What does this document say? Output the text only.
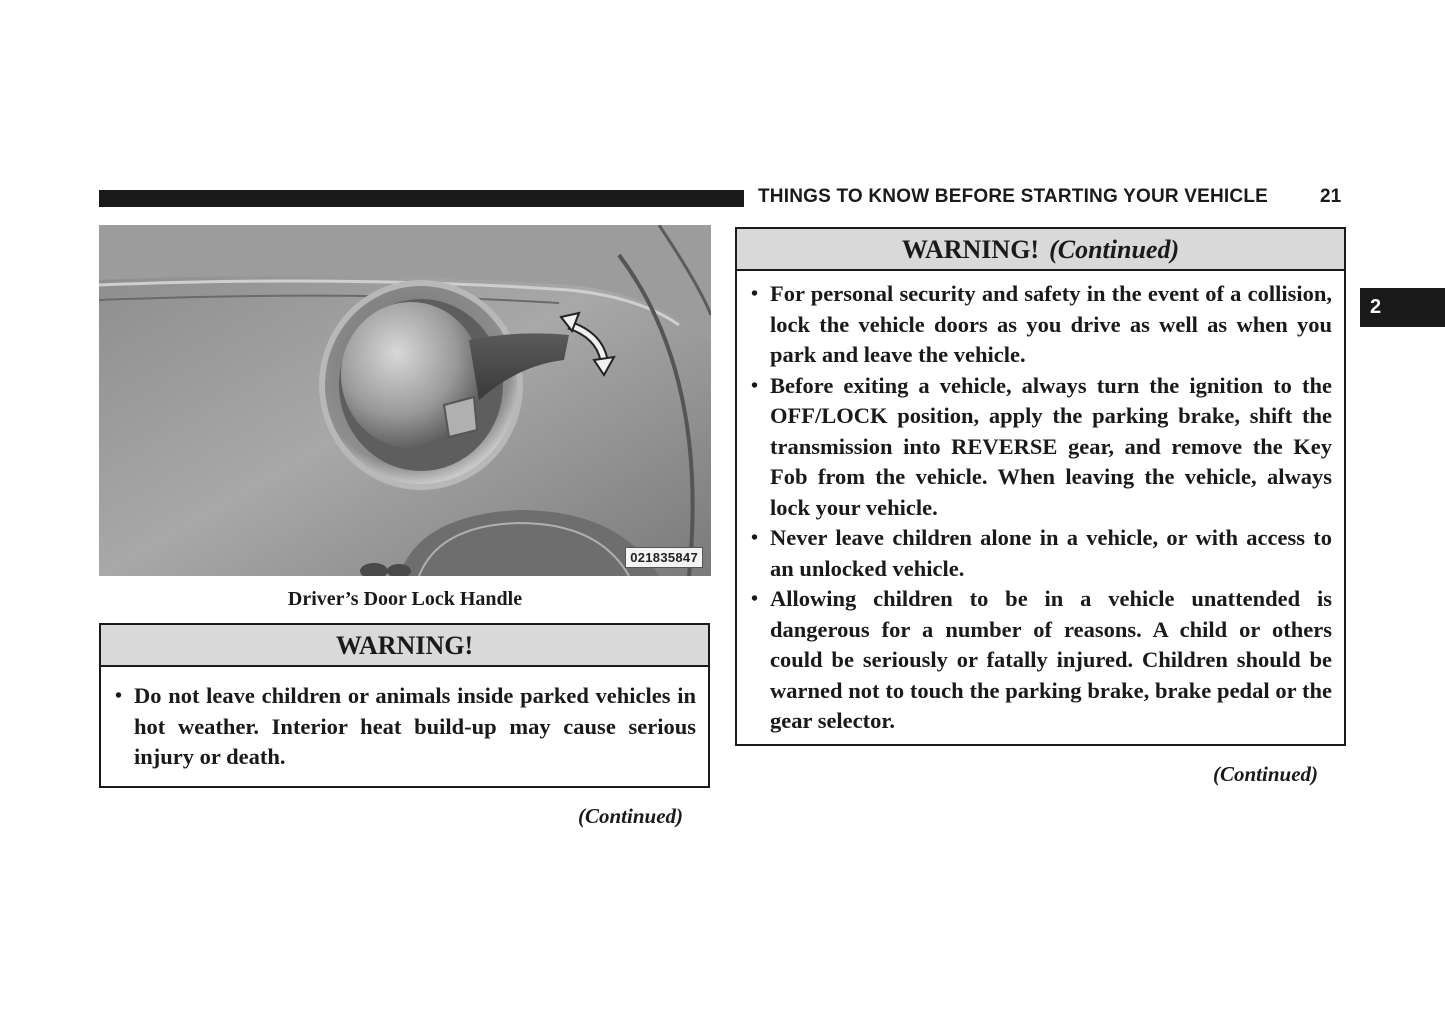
THINGS TO KNOW BEFORE STARTING YOUR VEHICLE	21
2
021835847
Driver’s Door Lock Handle
WARNING!
• Do not leave children or animals inside parked vehicles in hot weather. Interior heat build-up may cause serious injury or death.
(Continued)
WARNING! (Continued)
• For personal security and safety in the event of a collision, lock the vehicle doors as you drive as well as when you park and leave the vehicle.
• Before exiting a vehicle, always turn the ignition to the OFF/LOCK position, apply the parking brake, shift the transmission into REVERSE gear, and remove the Key Fob from the vehicle. When leaving the vehicle, always lock your vehicle.
• Never leave children alone in a vehicle, or with access to an unlocked vehicle.
• Allowing children to be in a vehicle unattended is dangerous for a number of reasons. A child or others could be seriously or fatally injured. Children should be warned not to touch the parking brake, brake pedal or the gear selector.
(Continued)
